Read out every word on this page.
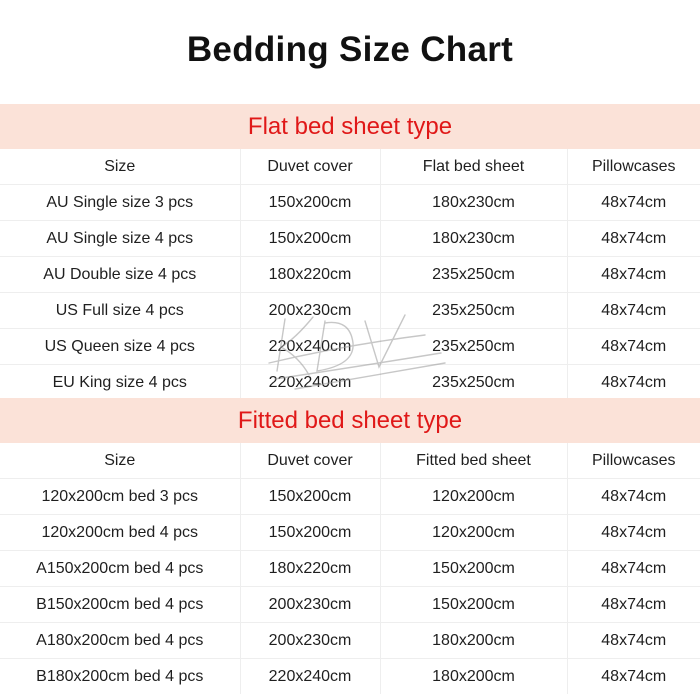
Bedding Size Chart
Flat bed sheet type
Size	Duvet cover	Flat bed sheet	Pillowcases
AU Single size 3 pcs	150x200cm	180x230cm	48x74cm
AU Single size 4 pcs	150x200cm	180x230cm	48x74cm
AU Double size 4 pcs	180x220cm	235x250cm	48x74cm
US Full size 4 pcs	200x230cm	235x250cm	48x74cm
US Queen size 4 pcs	220x240cm	235x250cm	48x74cm
EU King size 4 pcs	220x240cm	235x250cm	48x74cm
Fitted bed sheet type
Size	Duvet cover	Fitted bed sheet	Pillowcases
120x200cm bed 3 pcs	150x200cm	120x200cm	48x74cm
120x200cm bed 4 pcs	150x200cm	120x200cm	48x74cm
A150x200cm bed 4 pcs	180x220cm	150x200cm	48x74cm
B150x200cm bed 4 pcs	200x230cm	150x200cm	48x74cm
A180x200cm bed 4 pcs	200x230cm	180x200cm	48x74cm
B180x200cm bed 4 pcs	220x240cm	180x200cm	48x74cm
